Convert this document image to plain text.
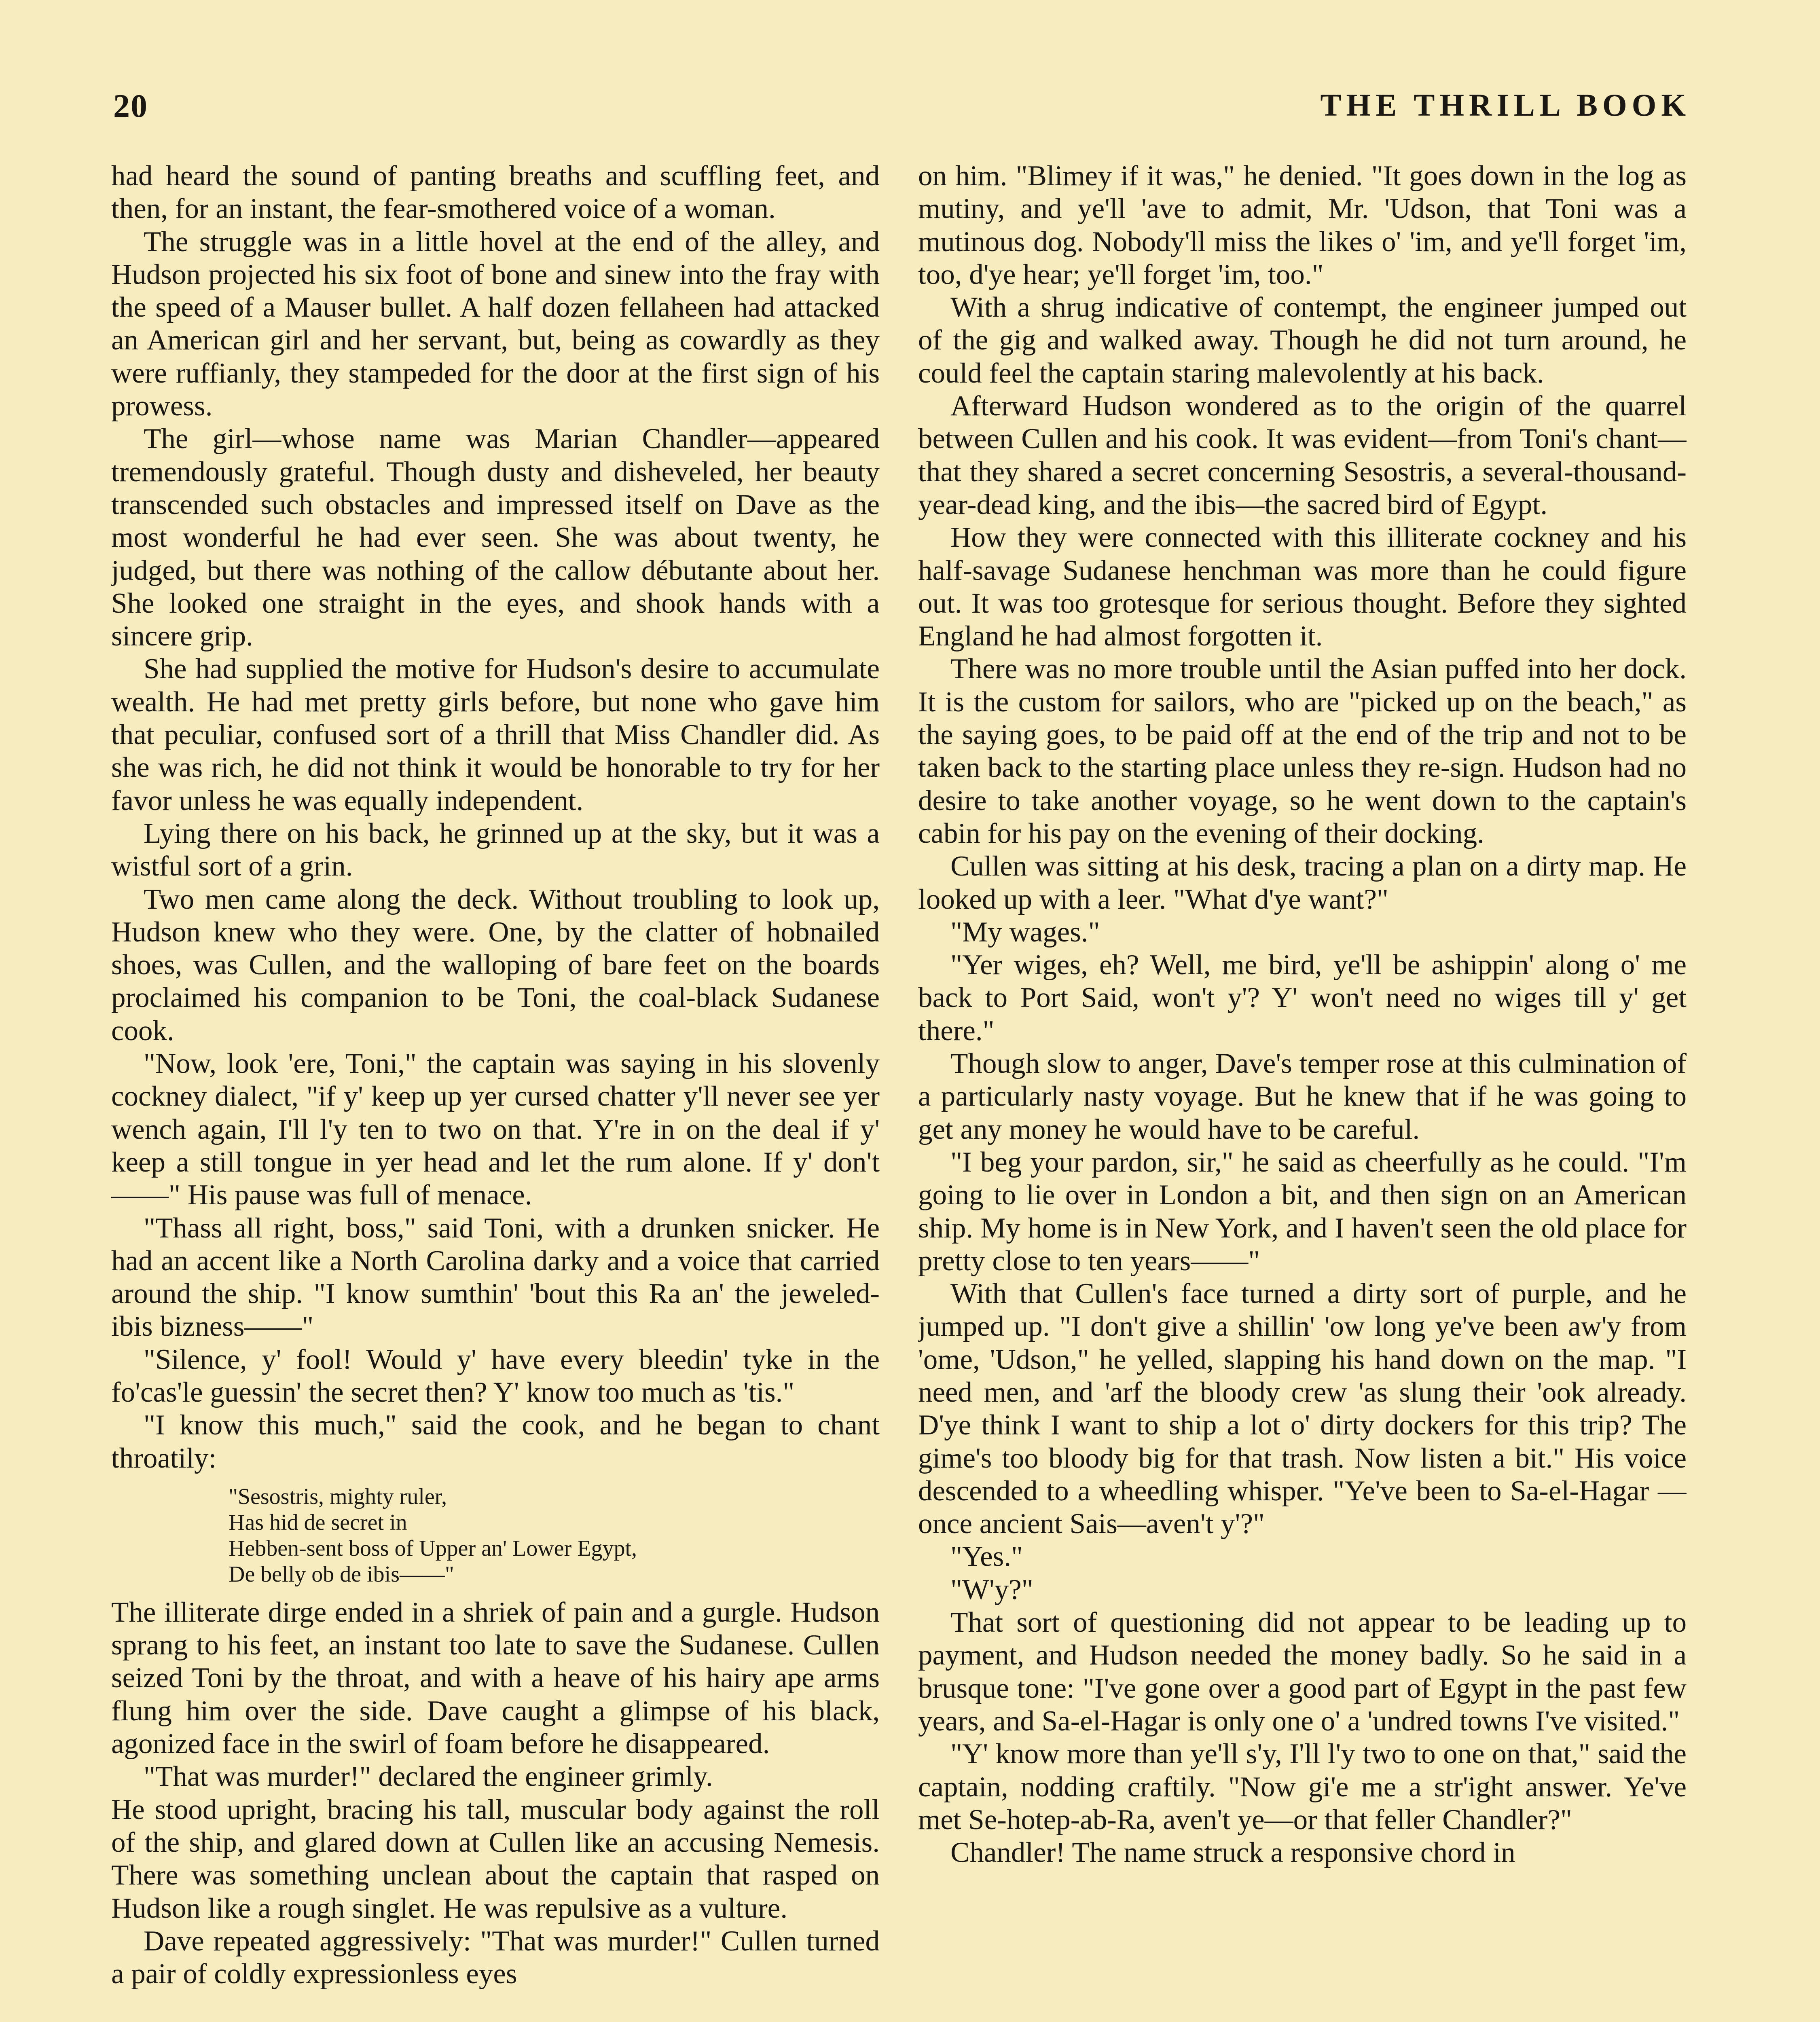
20	THE THRILL BOOK

had heard the sound of panting breaths and scuffling feet, and then, for an instant, the fear-smothered voice of a woman.

The struggle was in a little hovel at the end of the alley, and Hudson projected his six foot of bone and sinew into the fray with the speed of a Mauser bullet. A half dozen fellaheen had attacked an American girl and her servant, but, being as cowardly as they were ruffianly, they stampeded for the door at the first sign of his prowess.

The girl—whose name was Marian Chandler—appeared tremendously grateful. Though dusty and disheveled, her beauty transcended such obstacles and impressed itself on Dave as the most wonderful he had ever seen. She was about twenty, he judged, but there was nothing of the callow débutante about her. She looked one straight in the eyes, and shook hands with a sincere grip.

She had supplied the motive for Hudson's desire to accumulate wealth. He had met pretty girls before, but none who gave him that peculiar, confused sort of a thrill that Miss Chandler did. As she was rich, he did not think it would be honorable to try for her favor unless he was equally independent.

Lying there on his back, he grinned up at the sky, but it was a wistful sort of a grin.

Two men came along the deck. Without troubling to look up, Hudson knew who they were. One, by the clatter of hobnailed shoes, was Cullen, and the walloping of bare feet on the boards proclaimed his companion to be Toni, the coal-black Sudanese cook.

"Now, look 'ere, Toni," the captain was saying in his slovenly cockney dialect, "if y' keep up yer cursed chatter y'll never see yer wench again, I'll l'y ten to two on that. Y're in on the deal if y' keep a still tongue in yer head and let the rum alone. If y' don't——" His pause was full of menace.

"Thass all right, boss," said Toni, with a drunken snicker. He had an accent like a North Carolina darky and a voice that carried around the ship. "I know sumthin' 'bout this Ra an' the jeweled-ibis bizness——"

"Silence, y' fool! Would y' have every bleedin' tyke in the fo'cas'le guessin' the secret then? Y' know too much as 'tis."

"I know this much," said the cook, and he began to chant throatily:

"Sesostris, mighty ruler,
Has hid de secret in
Hebben-sent boss of Upper an' Lower Egypt,
De belly ob de ibis——"

The illiterate dirge ended in a shriek of pain and a gurgle. Hudson sprang to his feet, an instant too late to save the Sudanese. Cullen seized Toni by the throat, and with a heave of his hairy ape arms flung him over the side. Dave caught a glimpse of his black, agonized face in the swirl of foam before he disappeared.

"That was murder!" declared the engineer grimly.

He stood upright, bracing his tall, muscular body against the roll of the ship, and glared down at Cullen like an accusing Nemesis. There was something unclean about the captain that rasped on Hudson like a rough singlet. He was repulsive as a vulture.

Dave repeated aggressively: "That was murder!" Cullen turned a pair of coldly expressionless eyes

on him. "Blimey if it was," he denied. "It goes down in the log as mutiny, and ye'll 'ave to admit, Mr. 'Udson, that Toni was a mutinous dog. Nobody'll miss the likes o' 'im, and ye'll forget 'im, too, d'ye hear; ye'll forget 'im, too."

With a shrug indicative of contempt, the engineer jumped out of the gig and walked away. Though he did not turn around, he could feel the captain staring malevolently at his back.

Afterward Hudson wondered as to the origin of the quarrel between Cullen and his cook. It was evident—from Toni's chant—that they shared a secret concerning Sesostris, a several-thousand-year-dead king, and the ibis—the sacred bird of Egypt.

How they were connected with this illiterate cockney and his half-savage Sudanese henchman was more than he could figure out. It was too grotesque for serious thought. Before they sighted England he had almost forgotten it.

There was no more trouble until the Asian puffed into her dock. It is the custom for sailors, who are "picked up on the beach," as the saying goes, to be paid off at the end of the trip and not to be taken back to the starting place unless they re-sign. Hudson had no desire to take another voyage, so he went down to the captain's cabin for his pay on the evening of their docking.

Cullen was sitting at his desk, tracing a plan on a dirty map. He looked up with a leer. "What d'ye want?"

"My wages."

"Yer wiges, eh? Well, me bird, ye'll be ashippin' along o' me back to Port Said, won't y'? Y' won't need no wiges till y' get there."

Though slow to anger, Dave's temper rose at this culmination of a particularly nasty voyage. But he knew that if he was going to get any money he would have to be careful.

"I beg your pardon, sir," he said as cheerfully as he could. "I'm going to lie over in London a bit, and then sign on an American ship. My home is in New York, and I haven't seen the old place for pretty close to ten years——"

With that Cullen's face turned a dirty sort of purple, and he jumped up. "I don't give a shillin' 'ow long ye've been aw'y from 'ome, 'Udson," he yelled, slapping his hand down on the map. "I need men, and 'arf the bloody crew 'as slung their 'ook already. D'ye think I want to ship a lot o' dirty dockers for this trip? The gime's too bloody big for that trash. Now listen a bit." His voice descended to a wheedling whisper. "Ye've been to Sa-el-Hagar —once ancient Sais—aven't y'?"

"Yes."

"W'y?"

That sort of questioning did not appear to be leading up to payment, and Hudson needed the money badly. So he said in a brusque tone: "I've gone over a good part of Egypt in the past few years, and Sa-el-Hagar is only one o' a 'undred towns I've visited."

"Y' know more than ye'll s'y, I'll l'y two to one on that," said the captain, nodding craftily. "Now gi'e me a str'ight answer. Ye've met Se-hotep-ab-Ra, aven't ye—or that feller Chandler?"

Chandler! The name struck a responsive chord in
